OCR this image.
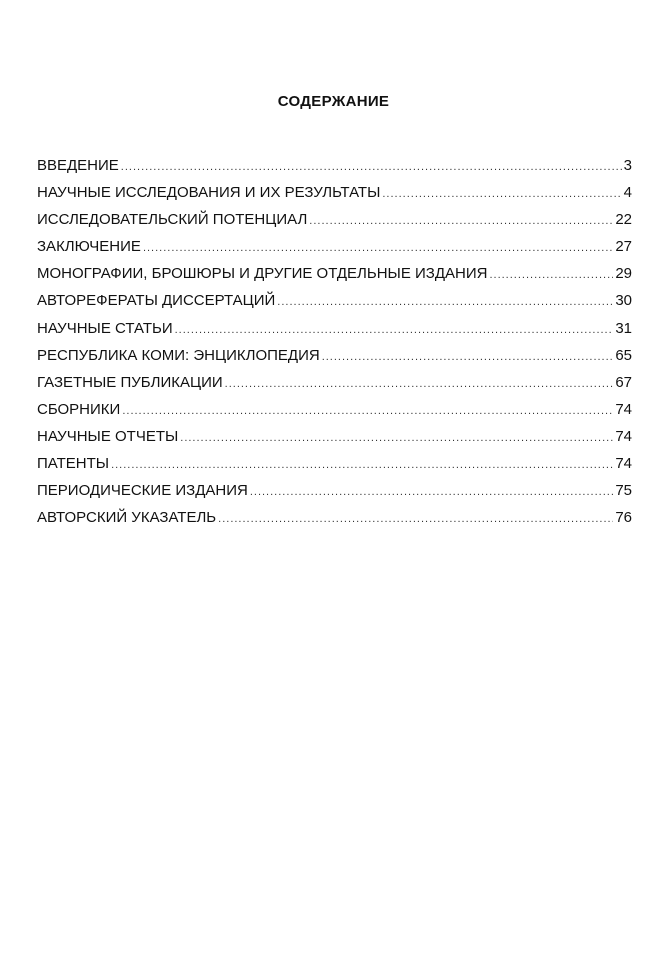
СОДЕРЖАНИЕ
ВВЕДЕНИЕ .....	3
НАУЧНЫЕ ИССЛЕДОВАНИЯ И ИХ РЕЗУЛЬТАТЫ .....	4
ИССЛЕДОВАТЕЛЬСКИЙ ПОТЕНЦИАЛ .....	22
ЗАКЛЮЧЕНИЕ .....	27
МОНОГРАФИИ, БРОШЮРЫ И ДРУГИЕ ОТДЕЛЬНЫЕ ИЗДАНИЯ .....	29
АВТОРЕФЕРАТЫ ДИССЕРТАЦИЙ .....	30
НАУЧНЫЕ СТАТЬИ .....	31
РЕСПУБЛИКА КОМИ: ЭНЦИКЛОПЕДИЯ .....	65
ГАЗЕТНЫЕ ПУБЛИКАЦИИ .....	67
СБОРНИКИ .....	74
НАУЧНЫЕ ОТЧЕТЫ .....	74
ПАТЕНТЫ .....	74
ПЕРИОДИЧЕСКИЕ ИЗДАНИЯ .....	75
АВТОРСКИЙ УКАЗАТЕЛЬ .....	76
